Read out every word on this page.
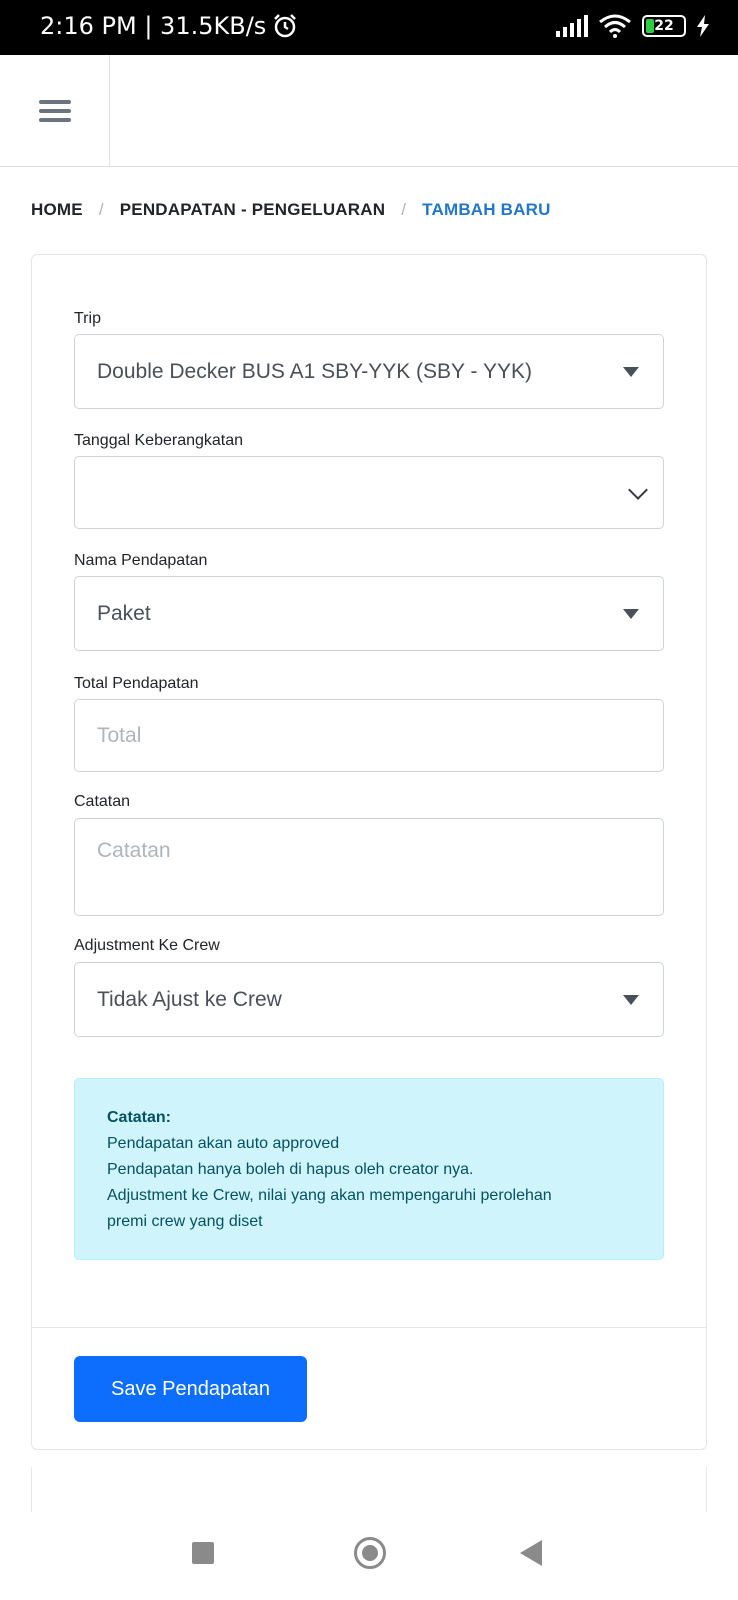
2:16 PM | 31.5KB/s	22
HOME / PENDAPATAN - PENGELUARAN / TAMBAH BARU
Trip
Double Decker BUS A1 SBY-YYK (SBY - YYK)
Tanggal Keberangkatan
Nama Pendapatan
Paket
Total Pendapatan
Total
Catatan
Catatan
Adjustment Ke Crew
Tidak Ajust ke Crew
Catatan:
Pendapatan akan auto approved
Pendapatan hanya boleh di hapus oleh creator nya.
Adjustment ke Crew, nilai yang akan mempengaruhi perolehan
premi crew yang diset
Save Pendapatan
